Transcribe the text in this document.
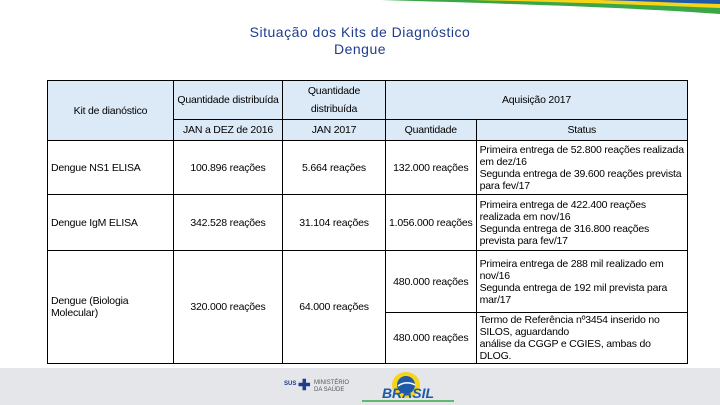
Situação dos Kits de Diagnóstico
Dengue
Kit de dianóstico	Quantidade distribuída	Quantidade distribuída	Aquisição 2017	
	JAN a DEZ de 2016	JAN 2017	Quantidade	Status
Dengue NS1 ELISA	100.896 reações	5.664 reações	132.000 reações	Primeira entrega de 52.800 reações realizada em dez/16
Segunda entrega de 39.600 reações prevista para fev/17

Dengue IgM ELISA	342.528 reações	31.104 reações	1.056.000 reações	Primeira entrega de 422.400 reações realizada em nov/16
Segunda entrega de 316.800 reações prevista para fev/17

Dengue (Biologia Molecular)	320.000 reações	64.000 reações	480.000 reações	Primeira entrega de 288 mil realizado em nov/16
Segunda entrega de 192 mil prevista para mar/17

			480.000 reações	Termo de Referência nº3454 inserido no SILOS, aguardando
análise da CGGP e CGIES, ambas do DLOG.
SUS ✚ MINISTÉRIO
DA SAÚDE	BRASIL
